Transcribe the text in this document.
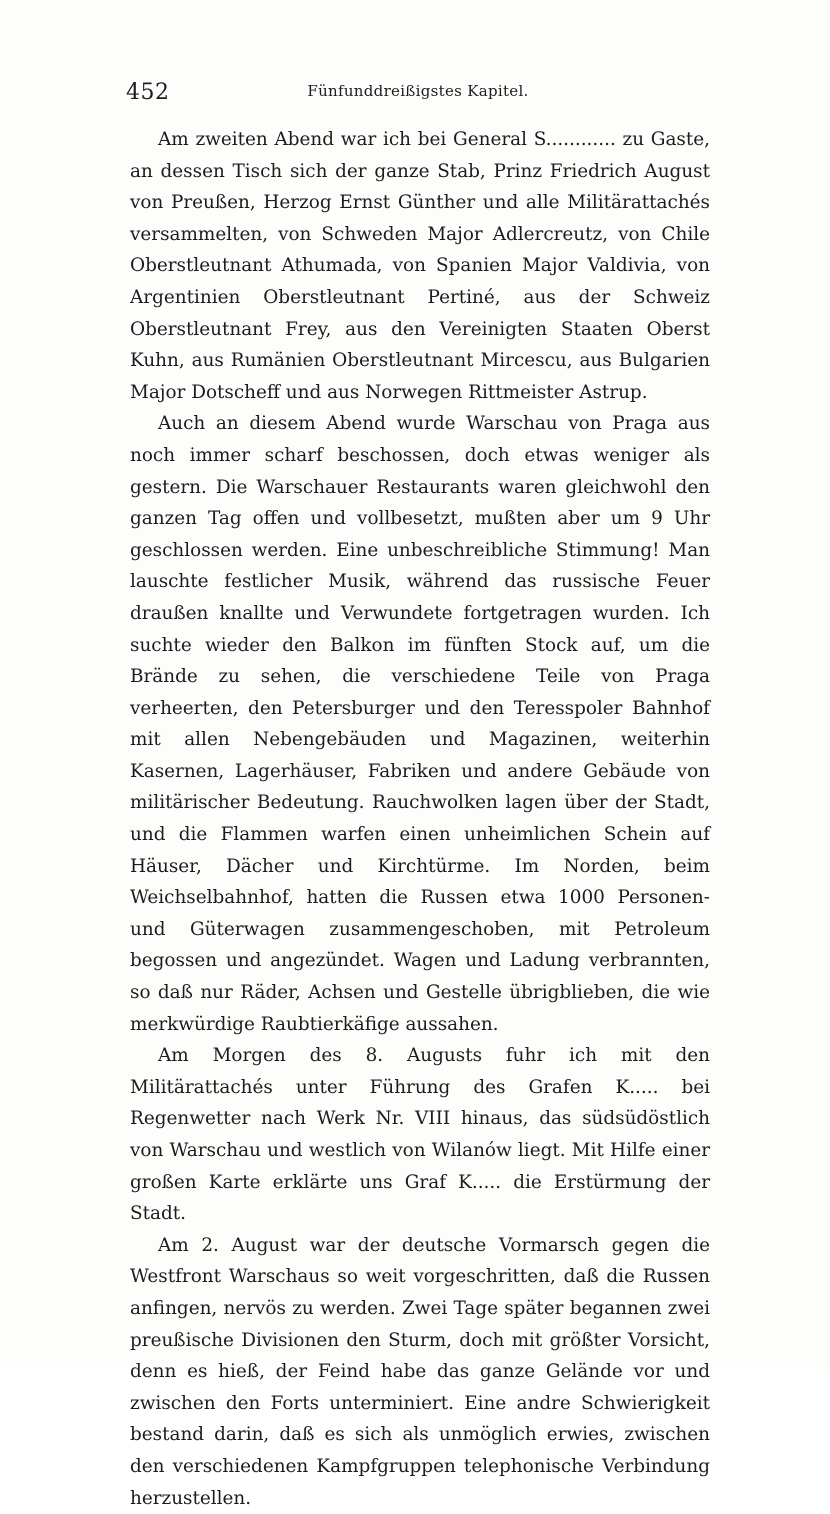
452	Fünfunddreißigstes Kapitel.

Am zweiten Abend war ich bei General S............ zu Gaste, an dessen Tisch sich der ganze Stab, Prinz Friedrich August von Preußen, Herzog Ernst Günther und alle Militärattachés versammelten, von Schweden Major Adlercreutz, von Chile Oberstleutnant Athumada, von Spanien Major Valdivia, von Argentinien Oberstleutnant Pertiné, aus der Schweiz Oberstleutnant Frey, aus den Vereinigten Staaten Oberst Kuhn, aus Rumänien Oberstleutnant Mircescu, aus Bulgarien Major Dotscheff und aus Norwegen Rittmeister Astrup.

Auch an diesem Abend wurde Warschau von Praga aus noch immer scharf beschossen, doch etwas weniger als gestern. Die Warschauer Restaurants waren gleichwohl den ganzen Tag offen und vollbesetzt, mußten aber um 9 Uhr geschlossen werden. Eine unbeschreibliche Stimmung! Man lauschte festlicher Musik, während das russische Feuer draußen knallte und Verwundete fortgetragen wurden. Ich suchte wieder den Balkon im fünften Stock auf, um die Brände zu sehen, die verschiedene Teile von Praga verheerten, den Petersburger und den Teresspoler Bahnhof mit allen Nebengebäuden und Magazinen, weiterhin Kasernen, Lagerhäuser, Fabriken und andere Gebäude von militärischer Bedeutung. Rauchwolken lagen über der Stadt, und die Flammen warfen einen unheimlichen Schein auf Häuser, Dächer und Kirchtürme. Im Norden, beim Weichselbahnhof, hatten die Russen etwa 1000 Personen- und Güterwagen zusammengeschoben, mit Petroleum begossen und angezündet. Wagen und Ladung verbrannten, so daß nur Räder, Achsen und Gestelle übrigblieben, die wie merkwürdige Raubtierkäfige aussahen.

Am Morgen des 8. Augusts fuhr ich mit den Militärattachés unter Führung des Grafen K..... bei Regenwetter nach Werk Nr. VIII hinaus, das südsüdöstlich von Warschau und westlich von Wilanów liegt. Mit Hilfe einer großen Karte erklärte uns Graf K..... die Erstürmung der Stadt.

Am 2. August war der deutsche Vormarsch gegen die Westfront Warschaus so weit vorgeschritten, daß die Russen anfingen, nervös zu werden. Zwei Tage später begannen zwei preußische Divisionen den Sturm, doch mit größter Vorsicht, denn es hieß, der Feind habe das ganze Gelände vor und zwischen den Forts unterminiert. Eine andre Schwierigkeit bestand darin, daß es sich als unmöglich erwies, zwischen den verschiedenen Kampfgruppen telephonische Verbindung herzustellen.
